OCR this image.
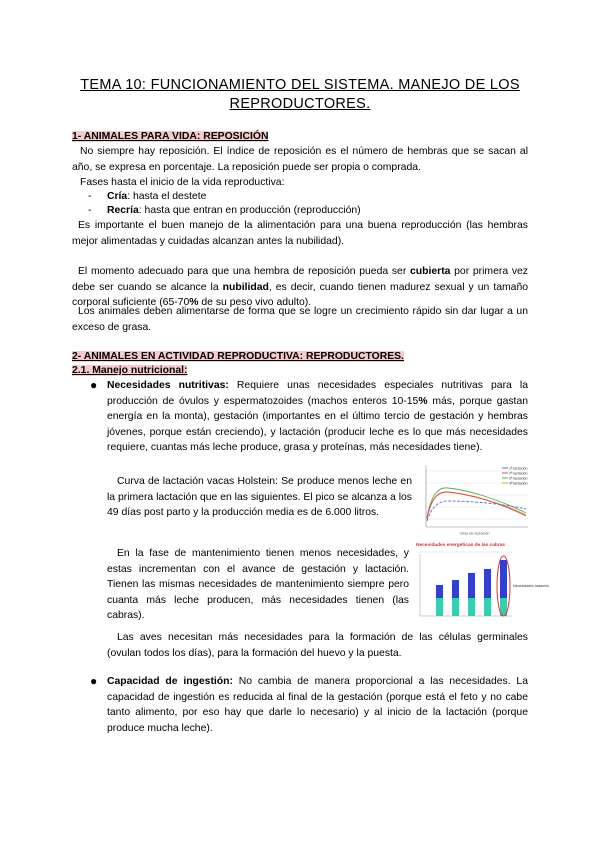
TEMA 10: FUNCIONAMIENTO DEL SISTEMA. MANEJO DE LOS
REPRODUCTORES.
1- ANIMALES PARA VIDA: REPOSICIÓN

No siempre hay reposición. El índice de reposición es el número de hembras que se sacan al año, se expresa en porcentaje. La reposición puede ser propia o comprada.

Fases hasta el inicio de la vida reproductiva:
- Cría: hasta el destete
- Recría: hasta que entran en producción (reproducción)

Es importante el buen manejo de la alimentación para una buena reproducción (las hembras mejor alimentadas y cuidadas alcanzan antes la nubilidad).

El momento adecuado para que una hembra de reposición pueda ser cubierta por primera vez debe ser cuando se alcance la nubilidad, es decir, cuando tienen madurez sexual y un tamaño corporal suficiente (65-70% de su peso vivo adulto).

Los animales deben alimentarse de forma que se logre un crecimiento rápido sin dar lugar a un exceso de grasa.

2- ANIMALES EN ACTIVIDAD REPRODUCTIVA: REPRODUCTORES.
2.1. Manejo nutricional:
● Necesidades nutritivas: Requiere unas necesidades especiales nutritivas para la producción de óvulos y espermatozoides (machos enteros 10-15% más, porque gastan energía en la monta), gestación (importantes en el último tercio de gestación y hembras jóvenes, porque están creciendo), y lactación (producir leche es lo que más necesidades requiere, cuantas más leche produce, grasa y proteínas, más necesidades tiene).

Curva de lactación vacas Holstein: Se produce menos leche en la primera lactación que en las siguientes. El pico se alcanza a los 49 días post parto y la producción media es de 6.000 litros.

1ª lactación
2ª lactación
3ª lactación
4ª lactación
Días de lactación

En la fase de mantenimiento tienen menos necesidades, y estas incrementan con el avance de gestación y lactación. Tienen las mismas necesidades de mantenimiento siempre pero cuanta más leche producen, más necesidades tienen (las cabras).

Necesidades energéticas de las cabras
Necesidades lactación

Las aves necesitan más necesidades para la formación de las células germinales (ovulan todos los días), para la formación del huevo y la puesta.

● Capacidad de ingestión: No cambia de manera proporcional a las necesidades. La capacidad de ingestión es reducida al final de la gestación (porque está el feto y no cabe tanto alimento, por eso hay que darle lo necesario) y al inicio de la lactación (porque produce mucha leche).
